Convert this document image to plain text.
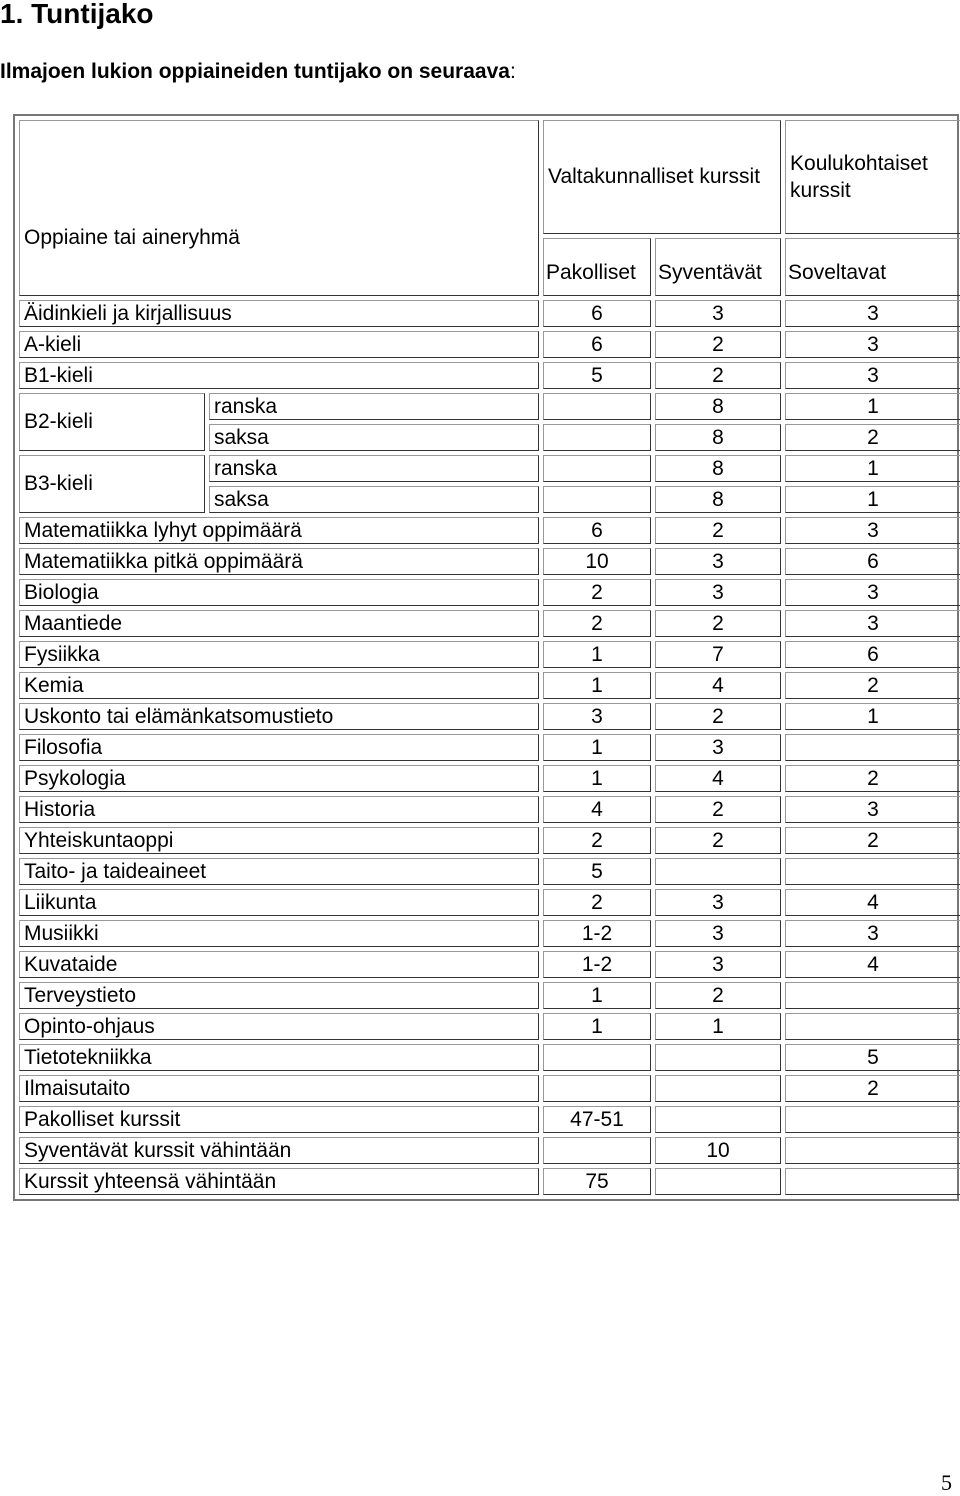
1. Tuntijako

Ilmajoen lukion oppiaineiden tuntijako on seuraava:

Oppiaine tai aineryhmä		Valtakunnalliset kurssit		Koulukohtaiset kurssit
		Pakolliset	Syventävät	Soveltavat
Äidinkieli ja kirjallisuus		6	3	3
A-kieli		6	2	3
B1-kieli		5	2	3
B2-kieli	ranska		8	1
	saksa		8	2
B3-kieli	ranska		8	1
	saksa		8	1
Matematiikka lyhyt oppimäärä		6	2	3
Matematiikka pitkä oppimäärä		10	3	6
Biologia		2	3	3
Maantiede		2	2	3
Fysiikka		1	7	6
Kemia		1	4	2
Uskonto tai elämänkatsomustieto		3	2	1
Filosofia		1	3	
Psykologia		1	4	2
Historia		4	2	3
Yhteiskuntaoppi		2	2	2
Taito- ja taideaineet		5		
Liikunta		2	3	4
Musiikki		1-2	3	3
Kuvataide		1-2	3	4
Terveystieto		1	2	
Opinto-ohjaus		1	1	
Tietotekniikka				5
Ilmaisutaito				2
Pakolliset kurssit		47-51		
Syventävät kurssit vähintään			10	
Kurssit yhteensä vähintään		75		
5
